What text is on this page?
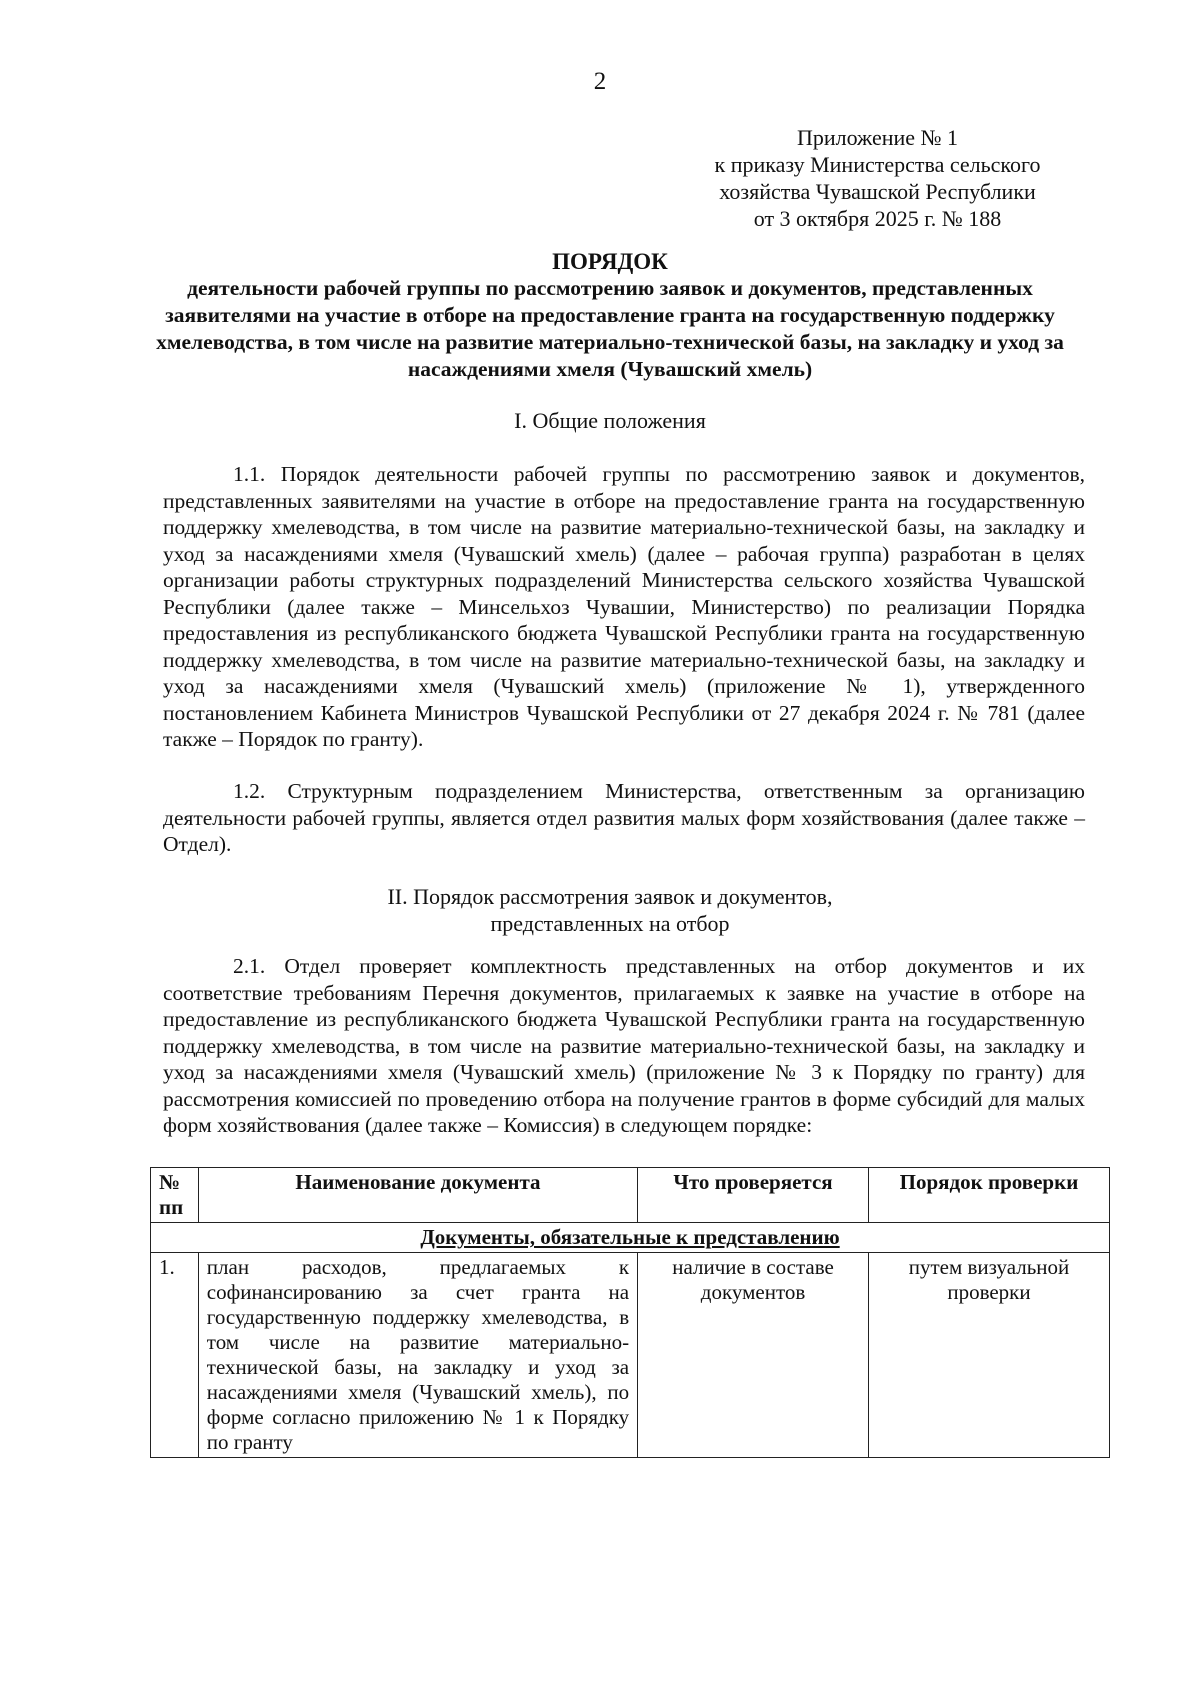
2
Приложение № 1
к приказу Министерства сельского
хозяйства Чувашской Республики
от 3 октября 2025 г. № 188
ПОРЯДОК
деятельности рабочей группы по рассмотрению заявок и документов, представленных заявителями на участие в отборе на предоставление гранта на государственную поддержку хмелеводства, в том числе на развитие материально-технической базы, на закладку и уход за насаждениями хмеля (Чувашский хмель)
I. Общие положения

1.1. Порядок деятельности рабочей группы по рассмотрению заявок и документов, представленных заявителями на участие в отборе на предоставление гранта на государственную поддержку хмелеводства, в том числе на развитие материально-технической базы, на закладку и уход за насаждениями хмеля (Чувашский хмель) (далее – рабочая группа) разработан в целях организации работы структурных подразделений Министерства сельского хозяйства Чувашской Республики (далее также – Минсельхоз Чувашии, Министерство) по реализации Порядка предоставления из республиканского бюджета Чувашской Республики гранта на государственную поддержку хмелеводства, в том числе на развитие материально-технической базы, на закладку и уход за насаждениями хмеля (Чувашский хмель) (приложение № 1), утвержденного постановлением Кабинета Министров Чувашской Республики от 27 декабря 2024 г. № 781 (далее также – Порядок по гранту).

1.2. Структурным подразделением Министерства, ответственным за организацию деятельности рабочей группы, является отдел развития малых форм хозяйствования (далее также – Отдел).

II. Порядок рассмотрения заявок и документов,
представленных на отбор

2.1. Отдел проверяет комплектность представленных на отбор документов и их соответствие требованиям Перечня документов, прилагаемых к заявке на участие в отборе на предоставление из республиканского бюджета Чувашской Республики гранта на государственную поддержку хмелеводства, в том числе на развитие материально-технической базы, на закладку и уход за насаждениями хмеля (Чувашский хмель) (приложение № 3 к Порядку по гранту) для рассмотрения комиссией по проведению отбора на получение грантов в форме субсидий для малых форм хозяйствования (далее также – Комиссия) в следующем порядке:

№ пп	Наименование документа	Что проверяется	Порядок проверки
Документы, обязательные к представлению			
1.	план расходов, предлагаемых к софинансированию за счет гранта на государственную поддержку хмелеводства, в том числе на развитие материально-технической базы, на закладку и уход за насаждениями хмеля (Чувашский хмель), по форме согласно приложению № 1 к Порядку по гранту	наличие в составе документов	путем визуальной проверки
